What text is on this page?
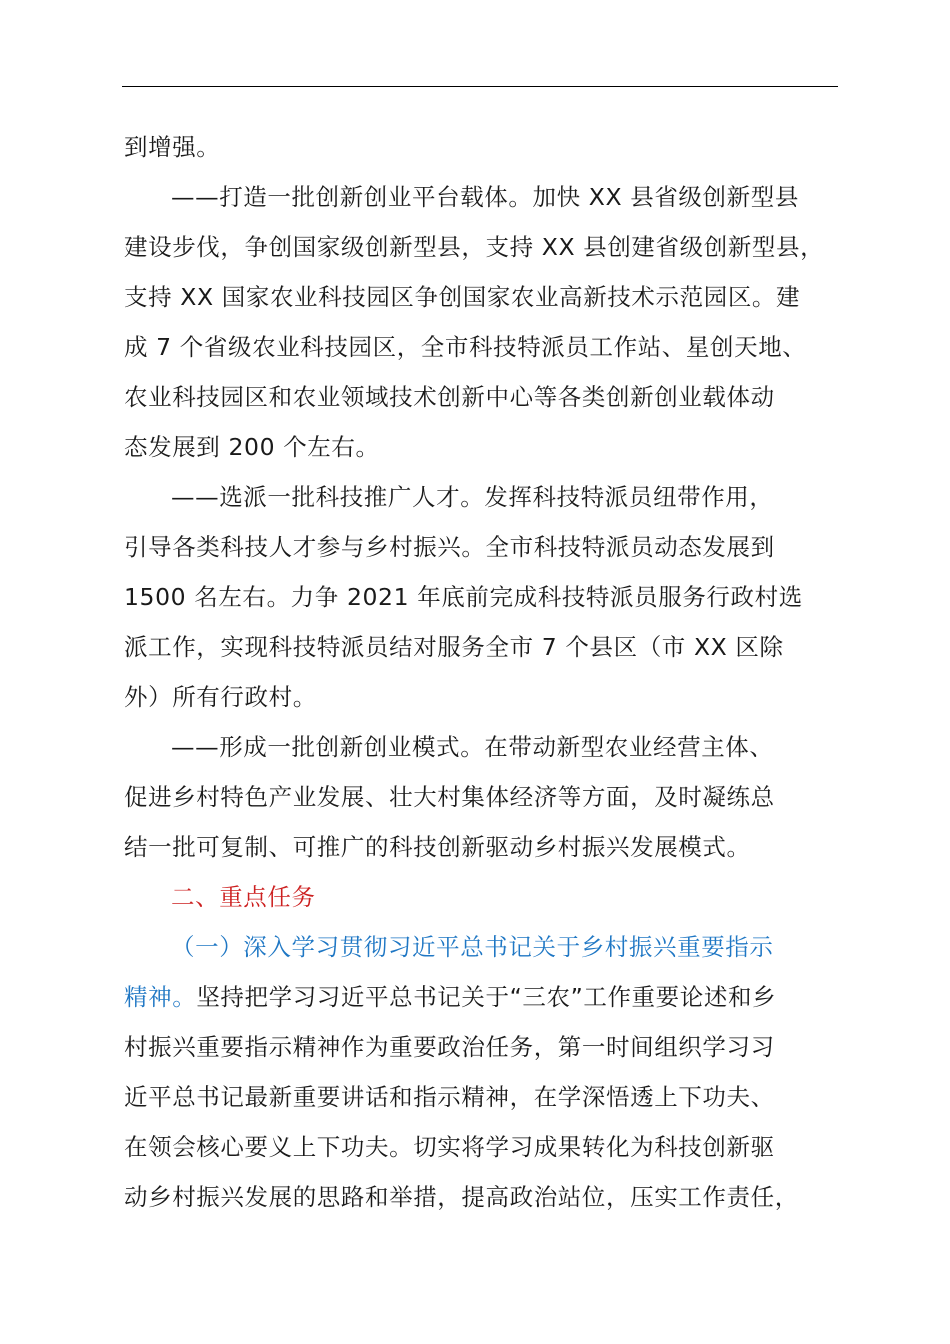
到增强。
——打造一批创新创业平台载体。加快 XX 县省级创新型县
建设步伐，争创国家级创新型县，支持 XX 县创建省级创新型县，
支持 XX 国家农业科技园区争创国家农业高新技术示范园区。建
成 7 个省级农业科技园区，全市科技特派员工作站、星创天地、
农业科技园区和农业领域技术创新中心等各类创新创业载体动
态发展到 200 个左右。
——选派一批科技推广人才。发挥科技特派员纽带作用，
引导各类科技人才参与乡村振兴。全市科技特派员动态发展到
1500 名左右。力争 2021 年底前完成科技特派员服务行政村选
派工作，实现科技特派员结对服务全市 7 个县区（市 XX 区除
外）所有行政村。
——形成一批创新创业模式。在带动新型农业经营主体、
促进乡村特色产业发展、壮大村集体经济等方面，及时凝练总
结一批可复制、可推广的科技创新驱动乡村振兴发展模式。
二、重点任务
（一）深入学习贯彻习近平总书记关于乡村振兴重要指示
精神。坚持把学习习近平总书记关于“三农”工作重要论述和乡
村振兴重要指示精神作为重要政治任务，第一时间组织学习习
近平总书记最新重要讲话和指示精神，在学深悟透上下功夫、
在领会核心要义上下功夫。切实将学习成果转化为科技创新驱
动乡村振兴发展的思路和举措，提高政治站位，压实工作责任，
